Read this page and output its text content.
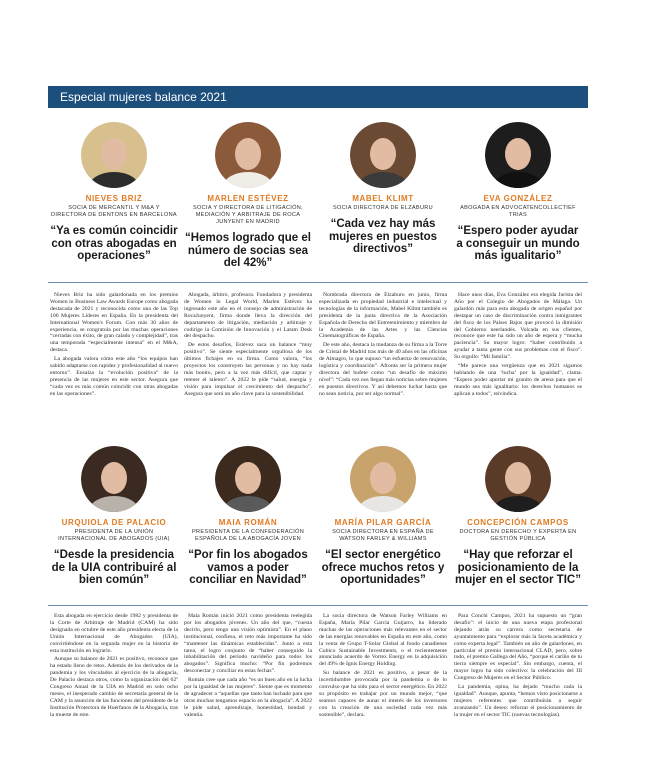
Especial mujeres balance 2021
NIEVES BRIZ
SOCIA DE MERCANTIL Y M&A Y DIRECTORA DE DENTONS EN BARCELONA
“Ya es común coincidir con otras abogadas en operaciones”
MARLEN ESTÉVEZ
SOCIA Y DIRECTORA DE LITIGACIÓN, MEDIACIÓN Y ARBITRAJE DE ROCA JUNYENT EN MADRID
“Hemos logrado que el número de socias sea del 42%”
MABEL KLIMT
SOCIA DIRECTORA DE ELZABURU
“Cada vez hay más mujeres en puestos directivos”
EVA GONZÁLEZ
ABOGADA EN ADVOCATENCOLLECTIEF TRIAS
“Espero poder ayudar a conseguir un mundo más igualitario”

Nieves Briz ha sido galardonada en los premios Women in Business Law Awards Europe como abogada destacada de 2021 y reconocida como una de las Top 100 Mujeres Líderes en España. En la presidenta del International Women's Forum. Con más 30 años de experiencia, se congratula por las muchas operaciones “cerradas con éxito, de gran calado y complejidad”, tras una temporada “especialmente intensa” en el M&A, destaca.

La abogada valora cómo este año “los equipos han sabido adaptarse con rapidez y profesionalidad al nuevo entorno”. Ensalza la “evolución positiva” de la presencia de las mujeres en este sector. Asegura que “cada vez es más común coincidir con otras abogadas en las operaciones”.

Abogada, árbitro, profesora. Fundadora y presidenta de Women in Legal World, Marlen Estévez ha ingresado este año en el consejo de administración de RocaJunyent, firma donde lleva la dirección del departamento de litigación, mediación y arbitraje y codirige la Comisión de Innovación y el Latam Desk del despacho.

De estos desafíos, Estévez saca un balance “muy positivo”. Se siente especialmente orgullosa de los últimos fichajes en su firma. Como valora, “los proyectos los construyen las personas y no hay nada más bonito, pero a la vez más difícil, que captar y retener el talento”. A 2022 le pide “salud, energía y visión para impulsar el crecimiento del despacho”. Asegura que será un año clave para la sostenibilidad.

Nombrada directora de Elzaburu en junio, firma especializada en propiedad industrial e intelectual y tecnologías de la información, Mabel Klimt también es presidenta de la junta directiva de la Asociación Española de Derecho del Entretenimiento y miembro de la Academia de las Artes y las Ciencias Cinematográficas de España.

De este año, destaca la mudanza de su firma a la Torre de Cristal de Madrid tras más de 40 años en las oficinas de Almagro, lo que supuso “un esfuerzo de renovación, logística y coordinación”. Afronta ser la primera mujer directora del bufete como “un desafío de máximo nivel”: “Cada vez nos llegan más noticias sobre mujeres en puestos directivos. Y así debemos luchar hasta que no sean noticia, por ser algo normal”.

Hace unos días, Eva González era elegida Jurista del Año por el Colegio de Abogados de Málaga. Un galardón más para esta abogada de origen español por destapar un caso de discriminación contra inmigrantes del fisco de los Países Bajos que provocó la dimisión del Gobierno neerlandés. Volcada en sus clientes, reconoce que este ha sido un año de espera y “mucha paciencia”. Su mayor logro: “haber contribuido a ayudar a tanta gente con sus problemas con el fisco”. Su orgullo: “Mi familia”.

“Me parece una vergüenza que en 2021 sigamos hablando de una ‘lucha’ por la igualdad”, clama. “Espero poder aportar mi granito de arena para que el mundo sea más igualitario: los derechos humanos se aplican a todos”, reivindica.

URQUIOLA DE PALACIO
PRESIDENTA DE LA UNIÓN INTERNACIONAL DE ABOGADOS (UIA)
“Desde la presidencia de la UIA contribuiré al bien común”
MAIA ROMÁN
PRESIDENTA DE LA CONFEDERACIÓN ESPAÑOLA DE LA ABOGACÍA JOVEN
“Por fin los abogados vamos a poder conciliar en Navidad”
MARÍA PILAR GARCÍA
SOCIA DIRECTORA EN ESPAÑA DE WATSON FARLEY & WILLIAMS
“El sector energético ofrece muchos retos y oportunidades”
CONCEPCIÓN CAMPOS
DOCTORA EN DERECHO Y EXPERTA EN GESTIÓN PÚBLICA
“Hay que reforzar el posicionamiento de la mujer en el sector TIC”

Esta abogada en ejercicio desde 1982 y presidenta de la Corte de Arbitraje de Madrid (CAM) ha sido designada en octubre de este año presidenta electa de la Unión Internacional de Abogados (UIA), convirtiéndose en la segunda mujer en la historia de esta institución en lograrlo.

Aunque su balance de 2021 es positivo, reconoce que ha estado lleno de retos. Además de los derivados de la pandemia y los vinculados al ejercicio de la abogacía, De Palacio destaca otros, como la organización del 62º Congreso Anual de la UIA en Madrid en solo ocho meses, el inesperado cambio de secretaría general de la CAM y la asunción de las funciones del presidente de la Institución Protectora de Huérfanos de la Abogacía, tras la muerte de este.

Maia Román inició 2021 como presidenta reelegida por los abogados jóvenes. Un año del que, “cuesta decirlo, pero tengo una visión optimista”. En el plano institucional, confiesa, el reto más importante ha sido “mantener las dinámicas establecidas”. Junto a esta tarea, el logro conjunto de “haber conseguido la inhabilitación del periodo navideño para todos los abogados”. Significa mucho: “Por fin podremos desconectar y conciliar en estas fechas”.

Román cree que cada año “es un buen año en la lucha por la igualdad de las mujeres”. Siente que es momento de agradecer a “aquellas que tanto han luchado para que otras muchas tengamos espacio en la abogacía”. A 2022 le pide salud, aprendizaje, honestidad, bondad y valentía.

La socia directora de Watson Farley Williams en España, María Pilar García Guijarro, ha liderado muchas de las operaciones más relevantes en el sector de las energías renovables en España en este año, como la venta de Grupo T-Solar Global al fondo canadiense Cubico Sustainable Investments, o el recientemente anunciado acuerdo de Vortex Energy en la adquisición del 49% de Ignis Energy Holding.

Su balance de 2021 es positivo, a pesar de la incertidumbre provocada por la pandemia o de lo convulso que ha sido para el sector energético. En 2022 su propósito es trabajar por un mundo mejor, “que seamos capaces de aunar el interés de los inversores con la creación de una sociedad cada vez más sostenible”, declara.

Para Conchi Campos, 2021 ha supuesto un “gran desafío”: el inicio de una nueva etapa profesional dejando atrás su carrera como secretaria de ayuntamiento para “explorar más la faceta académica y como experta legal”. También un año de galardones, en particular el premio internacional CLAD, pero, sobre todo, el premio Gallega del Año, “porque el cariño de tu tierra siempre es especial”. Sin embargo, cuenta, el mayor logro ha sido colectivo: la celebración del III Congreso de Mujeres en el Sector Público.

La pandemia, opina, ha dejado “mucho cada la igualdad”. Aunque, apunta, “hemos visto posicionarse a mujeres referentes que contribuirán a seguir avanzando”. Un deseo: reforzar el posicionamiento de la mujer en el sector TIC (nuevas tecnologías).
